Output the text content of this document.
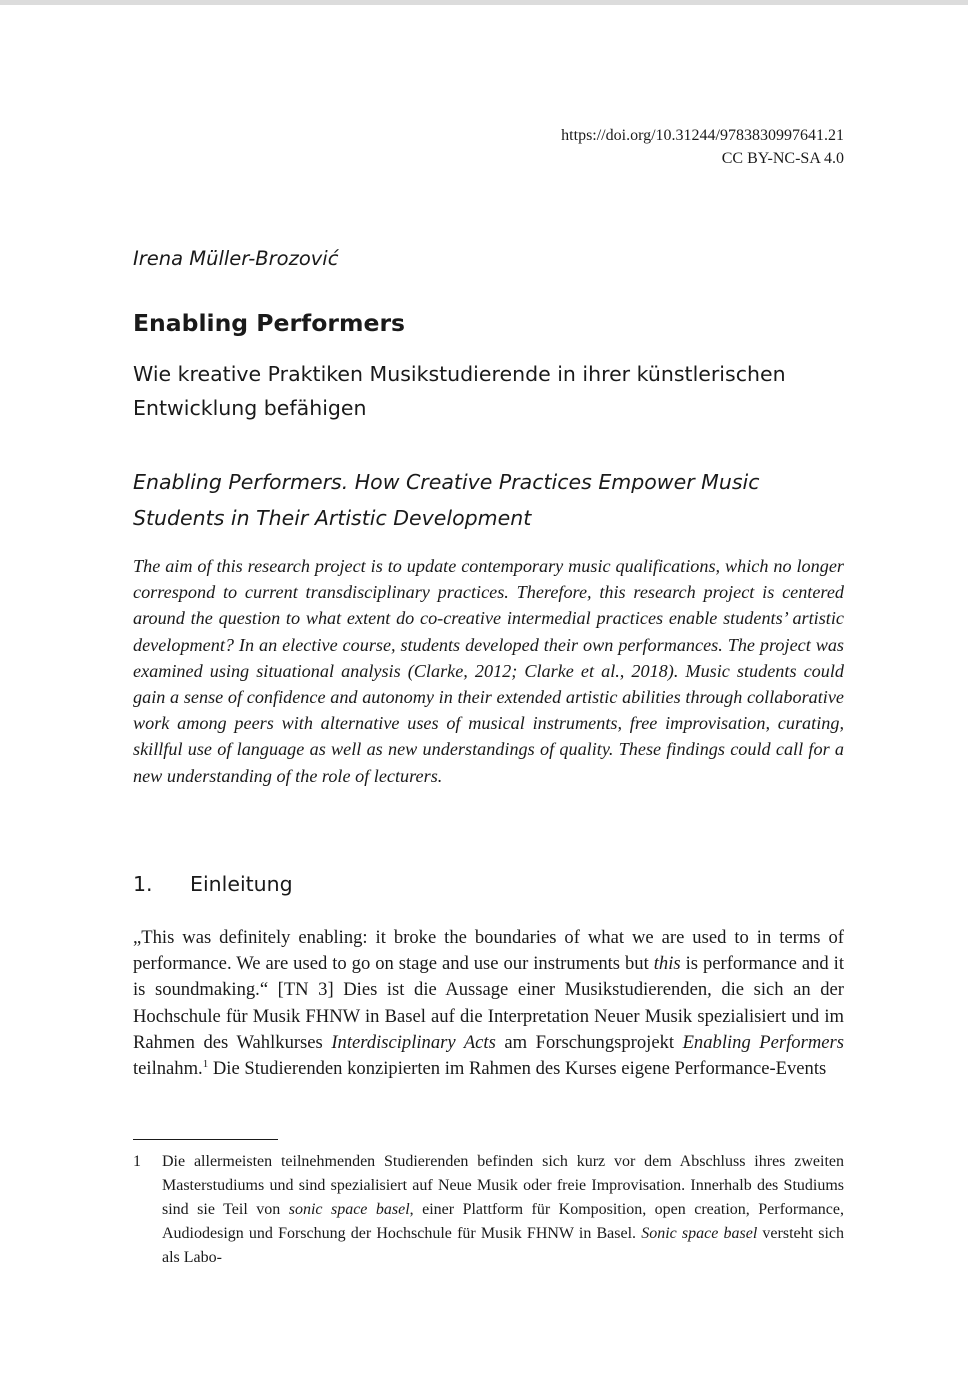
https://doi.org/10.31244/9783830997641.21
CC BY-NC-SA 4.0
Irena Müller-Brozović
Enabling Performers
Wie kreative Praktiken Musikstudierende in ihrer künstlerischen Entwicklung befähigen
Enabling Performers. How Creative Practices Empower Music Students in Their Artistic Development
The aim of this research project is to update contemporary music qualifications, which no longer correspond to current transdisciplinary practices. Therefore, this research project is centered around the question to what extent do co-creative intermedial practices enable students’ artistic development? In an elective course, students developed their own performances. The project was examined using situational analysis (Clarke, 2012; Clarke et al., 2018). Music students could gain a sense of confidence and autonomy in their extended artistic abilities through collaborative work among peers with alternative uses of musical instruments, free improvisation, curating, skillful use of language as well as new understandings of quality. These findings could call for a new understanding of the role of lecturers.
1. Einleitung
„This was definitely enabling: it broke the boundaries of what we are used to in terms of performance. We are used to go on stage and use our instruments but this is performance and it is soundmaking.“ [TN 3] Dies ist die Aussage einer Musikstudierenden, die sich an der Hochschule für Musik FHNW in Basel auf die Interpretation Neuer Musik spezialisiert und im Rahmen des Wahlkurses Interdisciplinary Acts am Forschungsprojekt Enabling Performers teilnahm.$^1$ Die Studierenden konzipierten im Rahmen des Kurses eigene Performance-Events
1 Die allermeisten teilnehmenden Studierenden befinden sich kurz vor dem Abschluss ihres zweiten Masterstudiums und sind spezialisiert auf Neue Musik oder freie Improvisation. Innerhalb des Studiums sind sie Teil von sonic space basel, einer Plattform für Komposition, open creation, Performance, Audiodesign und Forschung der Hochschule für Musik FHNW in Basel. Sonic space basel versteht sich als Labo-
